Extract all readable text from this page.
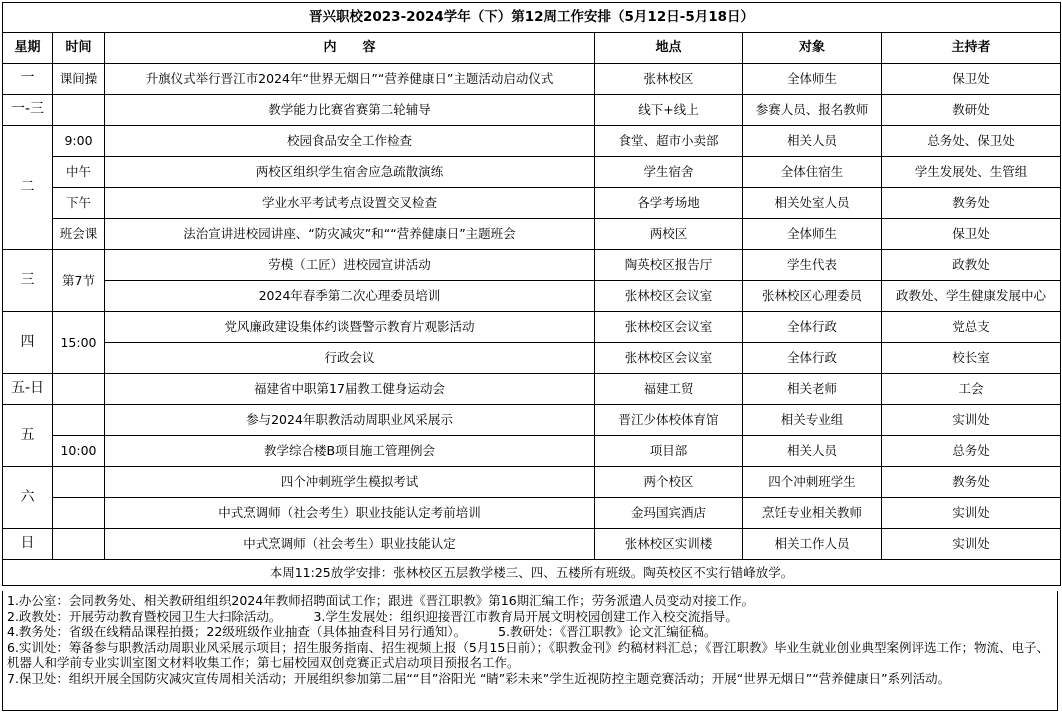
晋兴职校2023-2024学年（下）第12周工作安排（5月12日-5月18日）					
星期	时间	内　　容	地点	对象	主持者
一	课间操	升旗仪式举行晋江市2024年“世界无烟日”“营养健康日”主题活动启动仪式	张林校区	全体师生	保卫处
一-三		教学能力比赛省赛第二轮辅导	线下+线上	参赛人员、报名教师	教研处
二	9:00	校园食品安全工作检查	食堂、超市小卖部	相关人员	总务处、保卫处
	中午	两校区组织学生宿舍应急疏散演练	学生宿舍	全体住宿生	学生发展处、生管组
	下午	学业水平考试考点设置交叉检查	各学考场地	相关处室人员	教务处
	班会课	法治宣讲进校园讲座、“防灾减灾”和““营养健康日”主题班会	两校区	全体师生	保卫处
三	第7节	劳模（工匠）进校园宣讲活动	陶英校区报告厅	学生代表	政教处
		2024年春季第二次心理委员培训	张林校区会议室	张林校区心理委员	政教处、学生健康发展中心
四	15:00	党风廉政建设集体约谈暨警示教育片观影活动	张林校区会议室	全体行政	党总支
		行政会议	张林校区会议室	全体行政	校长室
五-日		福建省中职第17届教工健身运动会	福建工贸	相关老师	工会
五		参与2024年职教活动周职业风采展示	晋江少体校体育馆	相关专业组	实训处
	10:00	教学综合楼B项目施工管理例会	项目部	相关人员	总务处
六		四个冲刺班学生模拟考试	两个校区	四个冲刺班学生	教务处
		中式烹调师（社会考生）职业技能认定考前培训	金玛国宾酒店	烹饪专业相关教师	实训处
日		中式烹调师（社会考生）职业技能认定	张林校区实训楼	相关工作人员	实训处
本周11:25放学安排：张林校区五层教学楼三、四、五楼所有班级。陶英校区不实行错峰放学。					

1.办公室：会同教务处、相关教研组组织2024年教师招聘面试工作；跟进《晋江职教》第16期汇编工作；劳务派遣人员变动对接工作。

2.政教处：开展劳动教育暨校园卫生大扫除活动。	3.学生发展处：组织迎接晋江市教育局开展文明校园创建工作入校交流指导。

4.教务处：省级在线精品课程拍摄；22级班级作业抽查（具体抽查科目另行通知）。	5.教研处：《晋江职教》论文汇编征稿。

6.实训处：筹备参与职教活动周职业风采展示项目；招生服务指南、招生视频上报（5月15日前）；《职教金刊》约稿材料汇总；《晋江职教》毕业生就业创业典型案例评选工作；物流、电子、机器人和学前专业实训室图文材料收集工作；第七届校园双创竞赛正式启动项目预报名工作。

7.保卫处：组织开展全国防灾减灾宣传周相关活动；开展组织参加第二届““目”浴阳光 “睛”彩未来”学生近视防控主题竞赛活动；开展“世界无烟日”“营养健康日”系列活动。
